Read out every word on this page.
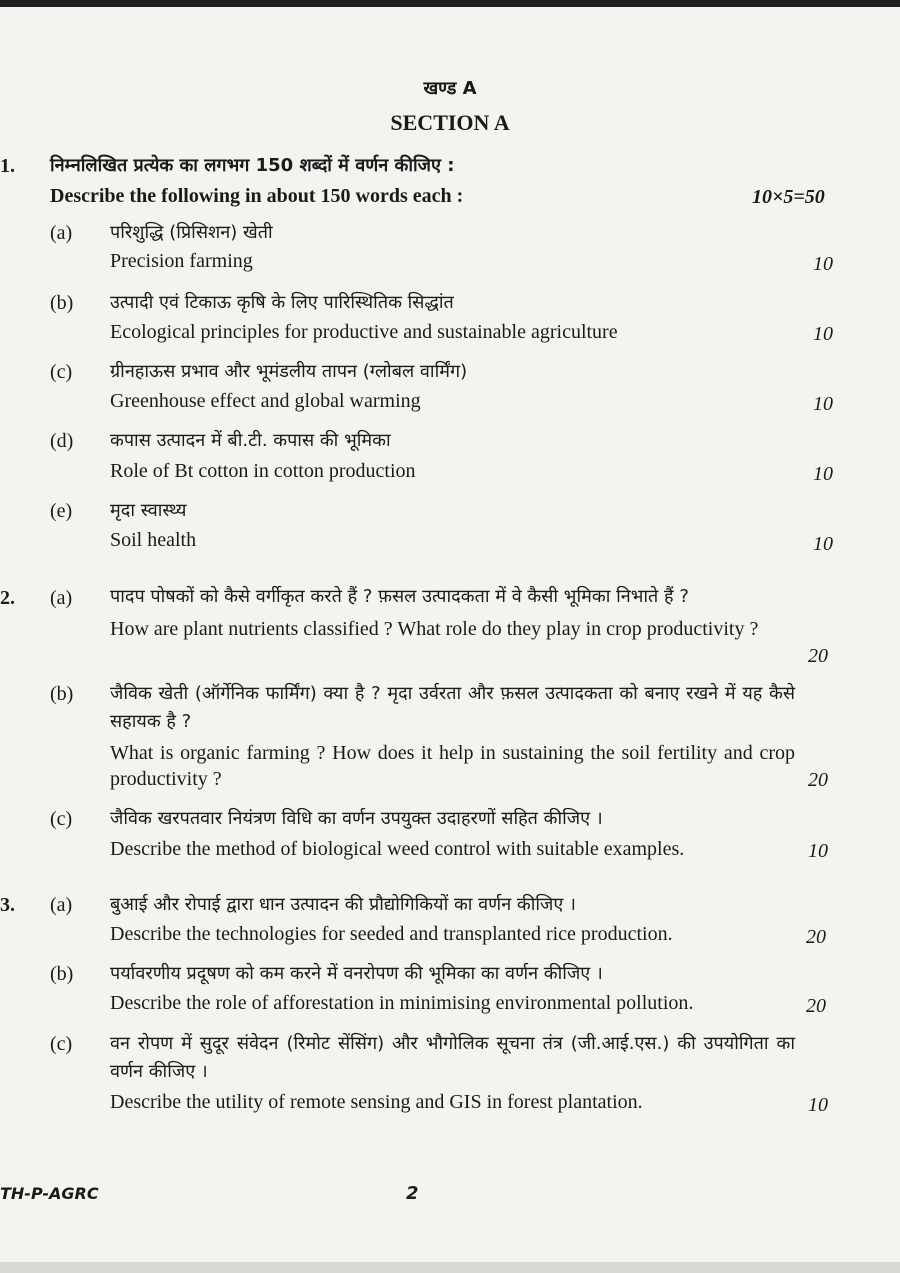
खण्ड A
SECTION A
1. निम्नलिखित प्रत्येक का लगभग 150 शब्दों में वर्णन कीजिए :
Describe the following in about 150 words each :	10×5=50
(a) परिशुद्धि (प्रिसिशन) खेती
Precision farming	10
(b) उत्पादी एवं टिकाऊ कृषि के लिए पारिस्थितिक सिद्धांत
Ecological principles for productive and sustainable agriculture	10
(c) ग्रीनहाऊस प्रभाव और भूमंडलीय तापन (ग्लोबल वार्मिंग)
Greenhouse effect and global warming	10
(d) कपास उत्पादन में बी.टी. कपास की भूमिका
Role of Bt cotton in cotton production	10
(e) मृदा स्वास्थ्य
Soil health	10
2. (a) पादप पोषकों को कैसे वर्गीकृत करते हैं ? फ़सल उत्पादकता में वे कैसी भूमिका निभाते हैं ?
How are plant nutrients classified ? What role do they play in crop productivity ?
20
(b) जैविक खेती (ऑर्गेनिक फार्मिंग) क्या है ? मृदा उर्वरता और फ़सल उत्पादकता को बनाए रखने में यह कैसे सहायक है ?
What is organic farming ? How does it help in sustaining the soil fertility and crop productivity ?	20
(c) जैविक खरपतवार नियंत्रण विधि का वर्णन उपयुक्त उदाहरणों सहित कीजिए ।
Describe the method of biological weed control with suitable examples.	10
3. (a) बुआई और रोपाई द्वारा धान उत्पादन की प्रौद्योगिकियों का वर्णन कीजिए ।
Describe the technologies for seeded and transplanted rice production.	20
(b) पर्यावरणीय प्रदूषण को कम करने में वनरोपण की भूमिका का वर्णन कीजिए ।
Describe the role of afforestation in minimising environmental pollution.	20
(c) वन रोपण में सुदूर संवेदन (रिमोट सेंसिंग) और भौगोलिक सूचना तंत्र (जी.आई.एस.) की उपयोगिता का वर्णन कीजिए ।
Describe the utility of remote sensing and GIS in forest plantation.	10
TH-P-AGRC	2
